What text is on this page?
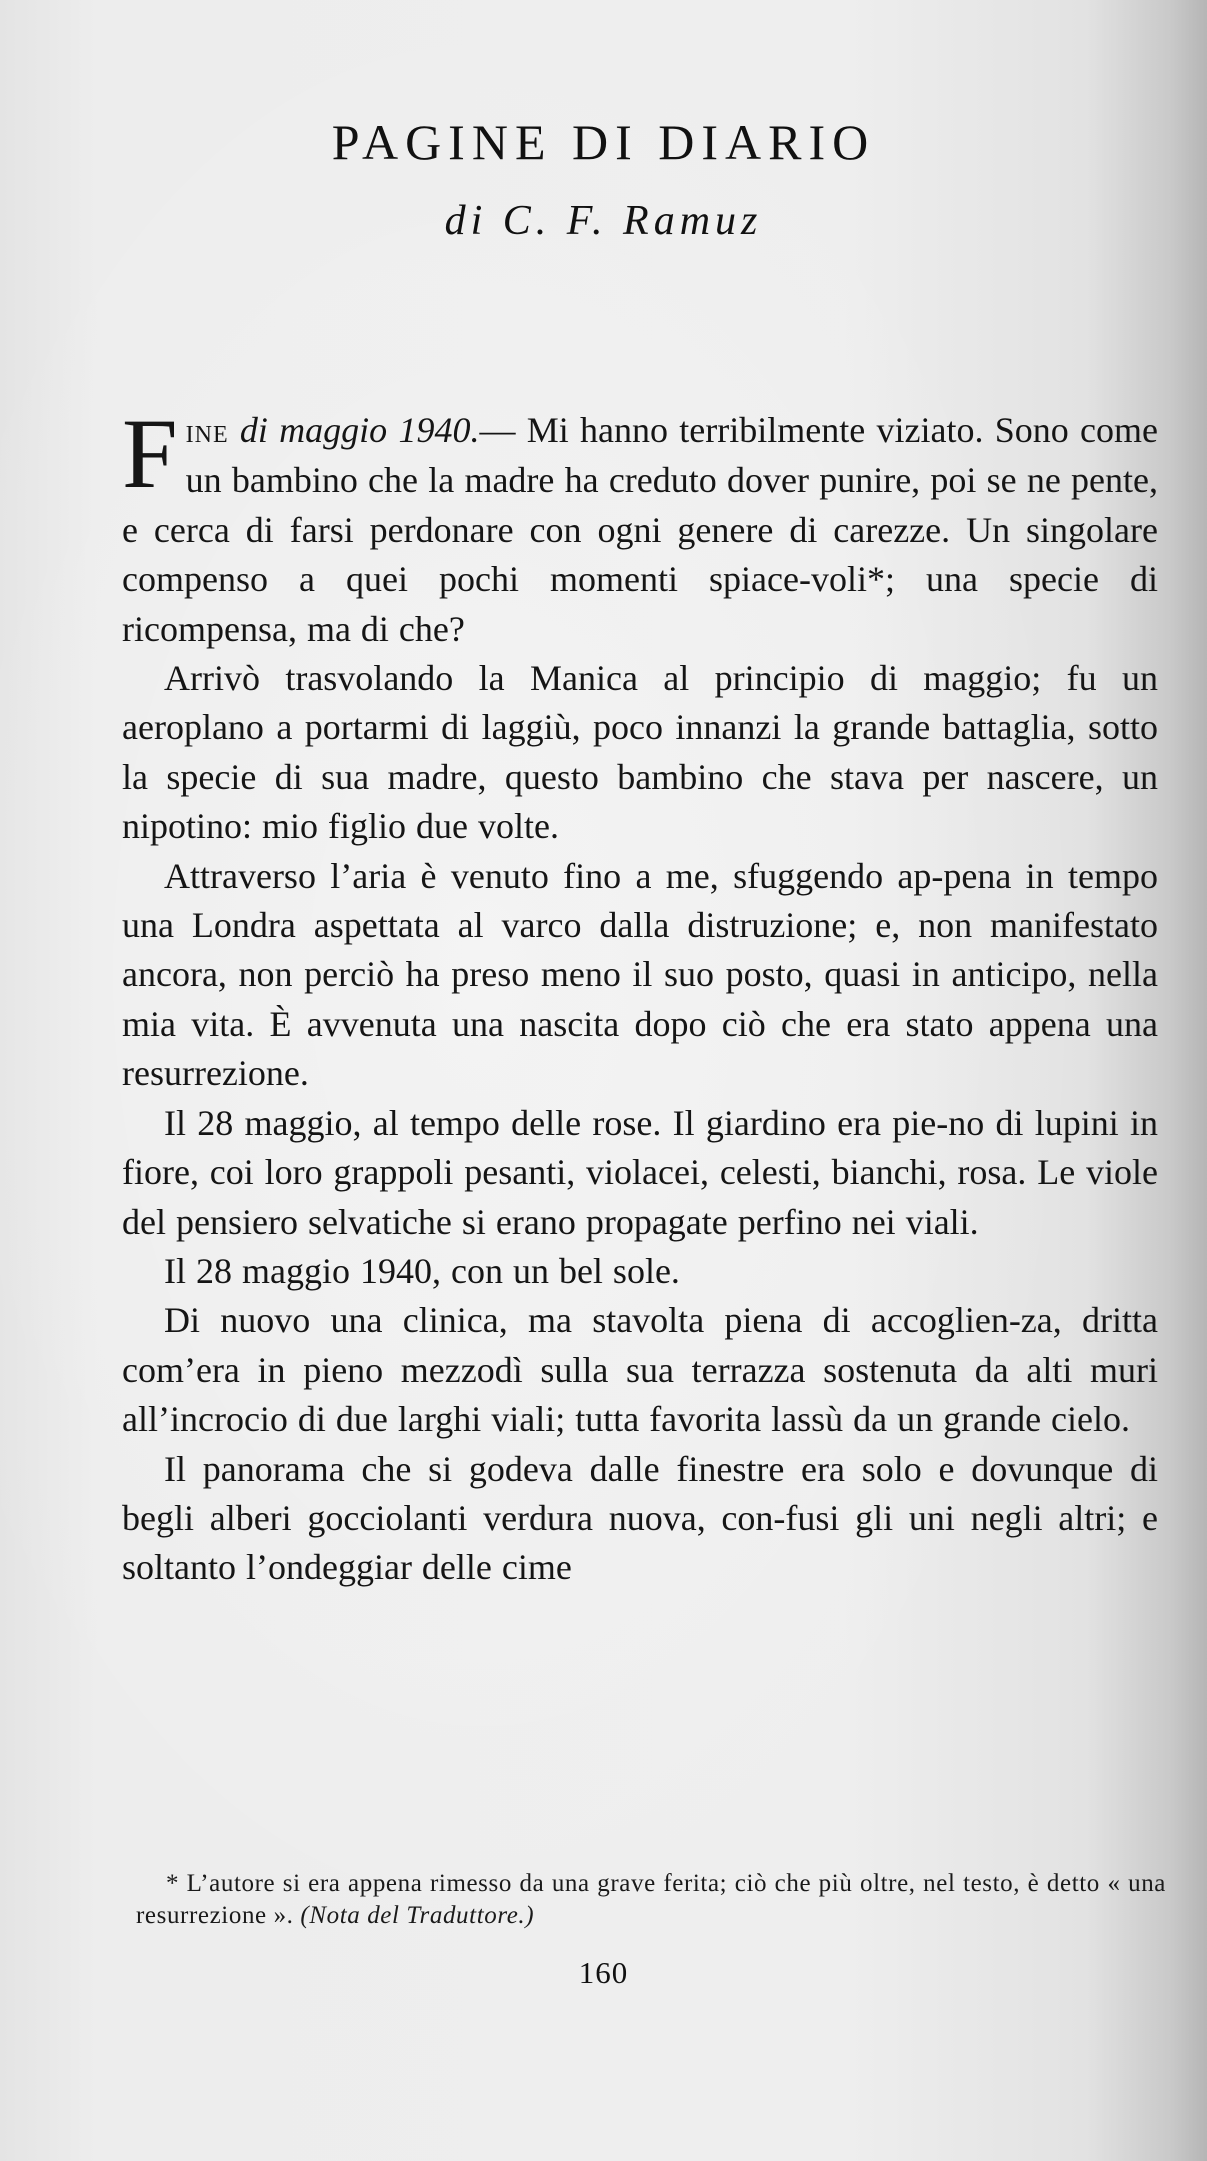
PAGINE DI DIARIO
di C. F. Ramuz

Fine di maggio 1940.— Mi hanno terribilmente viziato. Sono come un bambino che la madre ha creduto dover punire, poi se ne pente, e cerca di farsi perdonare con ogni genere di carezze. Un singolare compenso a quei pochi momenti spiace-voli*; una specie di ricompensa, ma di che?

Arrivò trasvolando la Manica al principio di maggio; fu un aeroplano a portarmi di laggiù, poco innanzi la grande battaglia, sotto la specie di sua madre, questo bambino che stava per nascere, un nipotino: mio figlio due volte.

Attraverso l’aria è venuto fino a me, sfuggendo ap-pena in tempo una Londra aspettata al varco dalla distruzione; e, non manifestato ancora, non perciò ha preso meno il suo posto, quasi in anticipo, nella mia vita. È avvenuta una nascita dopo ciò che era stato appena una resurrezione.

Il 28 maggio, al tempo delle rose. Il giardino era pie-no di lupini in fiore, coi loro grappoli pesanti, violacei, celesti, bianchi, rosa. Le viole del pensiero selvatiche si erano propagate perfino nei viali.

Il 28 maggio 1940, con un bel sole.

Di nuovo una clinica, ma stavolta piena di accoglien-za, dritta com’era in pieno mezzodì sulla sua terrazza sostenuta da alti muri all’incrocio di due larghi viali; tutta favorita lassù da un grande cielo.

Il panorama che si godeva dalle finestre era solo e dovunque di begli alberi gocciolanti verdura nuova, con-fusi gli uni negli altri; e soltanto l’ondeggiar delle cime

* L’autore si era appena rimesso da una grave ferita; ciò che più oltre, nel testo, è detto « una resurrezione ». (Nota del Traduttore.)

160
